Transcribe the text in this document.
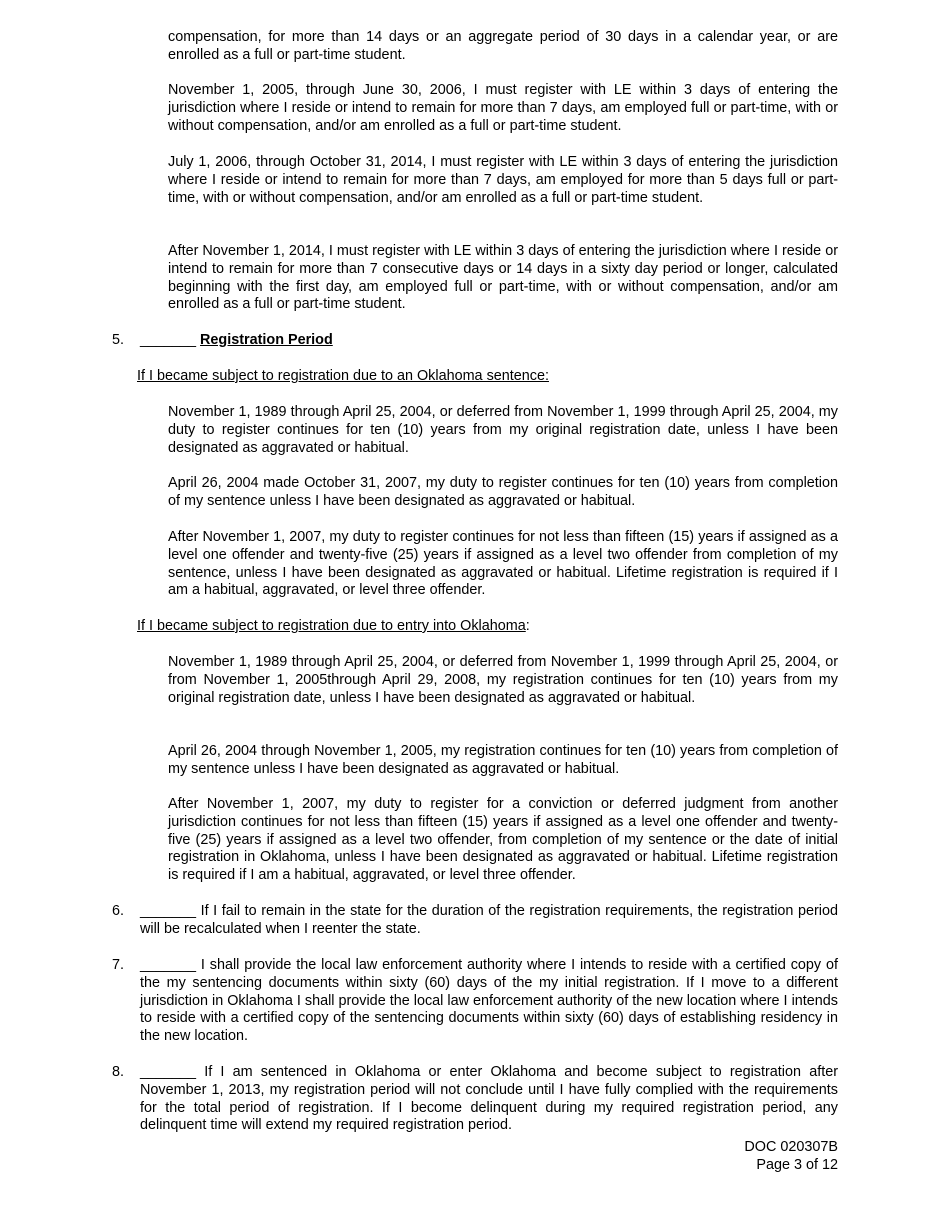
compensation, for more than 14 days or an aggregate period of 30 days in a calendar year, or are enrolled as a full or part-time student.

November 1, 2005, through June 30, 2006, I must register with LE within 3 days of entering the jurisdiction where I reside or intend to remain for more than 7 days, am employed full or part-time, with or without compensation, and/or am enrolled as a full or part-time student.

July 1, 2006, through October 31, 2014, I must register with LE within 3 days of entering the jurisdiction where I reside or intend to remain for more than 7 days, am employed for more than 5 days full or part-time, with or without compensation, and/or am enrolled as a full or part-time student.

After November 1, 2014, I must register with LE within 3 days of entering the jurisdiction where I reside or intend to remain for more than 7 consecutive days or 14 days in a sixty day period or longer, calculated beginning with the first day, am employed full or part-time, with or without compensation, and/or am enrolled as a full or part-time student.

5. _______ Registration Period
If I became subject to registration due to an Oklahoma sentence:

November 1, 1989 through April 25, 2004, or deferred from November 1, 1999 through April 25, 2004, my duty to register continues for ten (10) years from my original registration date, unless I have been designated as aggravated or habitual.

April 26, 2004 made October 31, 2007, my duty to register continues for ten (10) years from completion of my sentence unless I have been designated as aggravated or habitual.

After November 1, 2007, my duty to register continues for not less than fifteen (15) years if assigned as a level one offender and twenty-five (25) years if assigned as a level two offender from completion of my sentence, unless I have been designated as aggravated or habitual. Lifetime registration is required if I am a habitual, aggravated, or level three offender.

If I became subject to registration due to entry into Oklahoma:

November 1, 1989 through April 25, 2004, or deferred from November 1, 1999 through April 25, 2004, or from November 1, 2005through April 29, 2008, my registration continues for ten (10) years from my original registration date, unless I have been designated as aggravated or habitual.

April 26, 2004 through November 1, 2005, my registration continues for ten (10) years from completion of my sentence unless I have been designated as aggravated or habitual.

After November 1, 2007, my duty to register for a conviction or deferred judgment from another jurisdiction continues for not less than fifteen (15) years if assigned as a level one offender and twenty-five (25) years if assigned as a level two offender, from completion of my sentence or the date of initial registration in Oklahoma, unless I have been designated as aggravated or habitual. Lifetime registration is required if I am a habitual, aggravated, or level three offender.

6. _______ If I fail to remain in the state for the duration of the registration requirements, the registration period will be recalculated when I reenter the state.

7. _______ I shall provide the local law enforcement authority where I intends to reside with a certified copy of the my sentencing documents within sixty (60) days of the my initial registration. If I move to a different jurisdiction in Oklahoma I shall provide the local law enforcement authority of the new location where I intends to reside with a certified copy of the sentencing documents within sixty (60) days of establishing residency in the new location.

8. _______ If I am sentenced in Oklahoma or enter Oklahoma and become subject to registration after November 1, 2013, my registration period will not conclude until I have fully complied with the requirements for the total period of registration. If I become delinquent during my required registration period, any delinquent time will extend my required registration period.

DOC 020307B
Page 3 of 12
